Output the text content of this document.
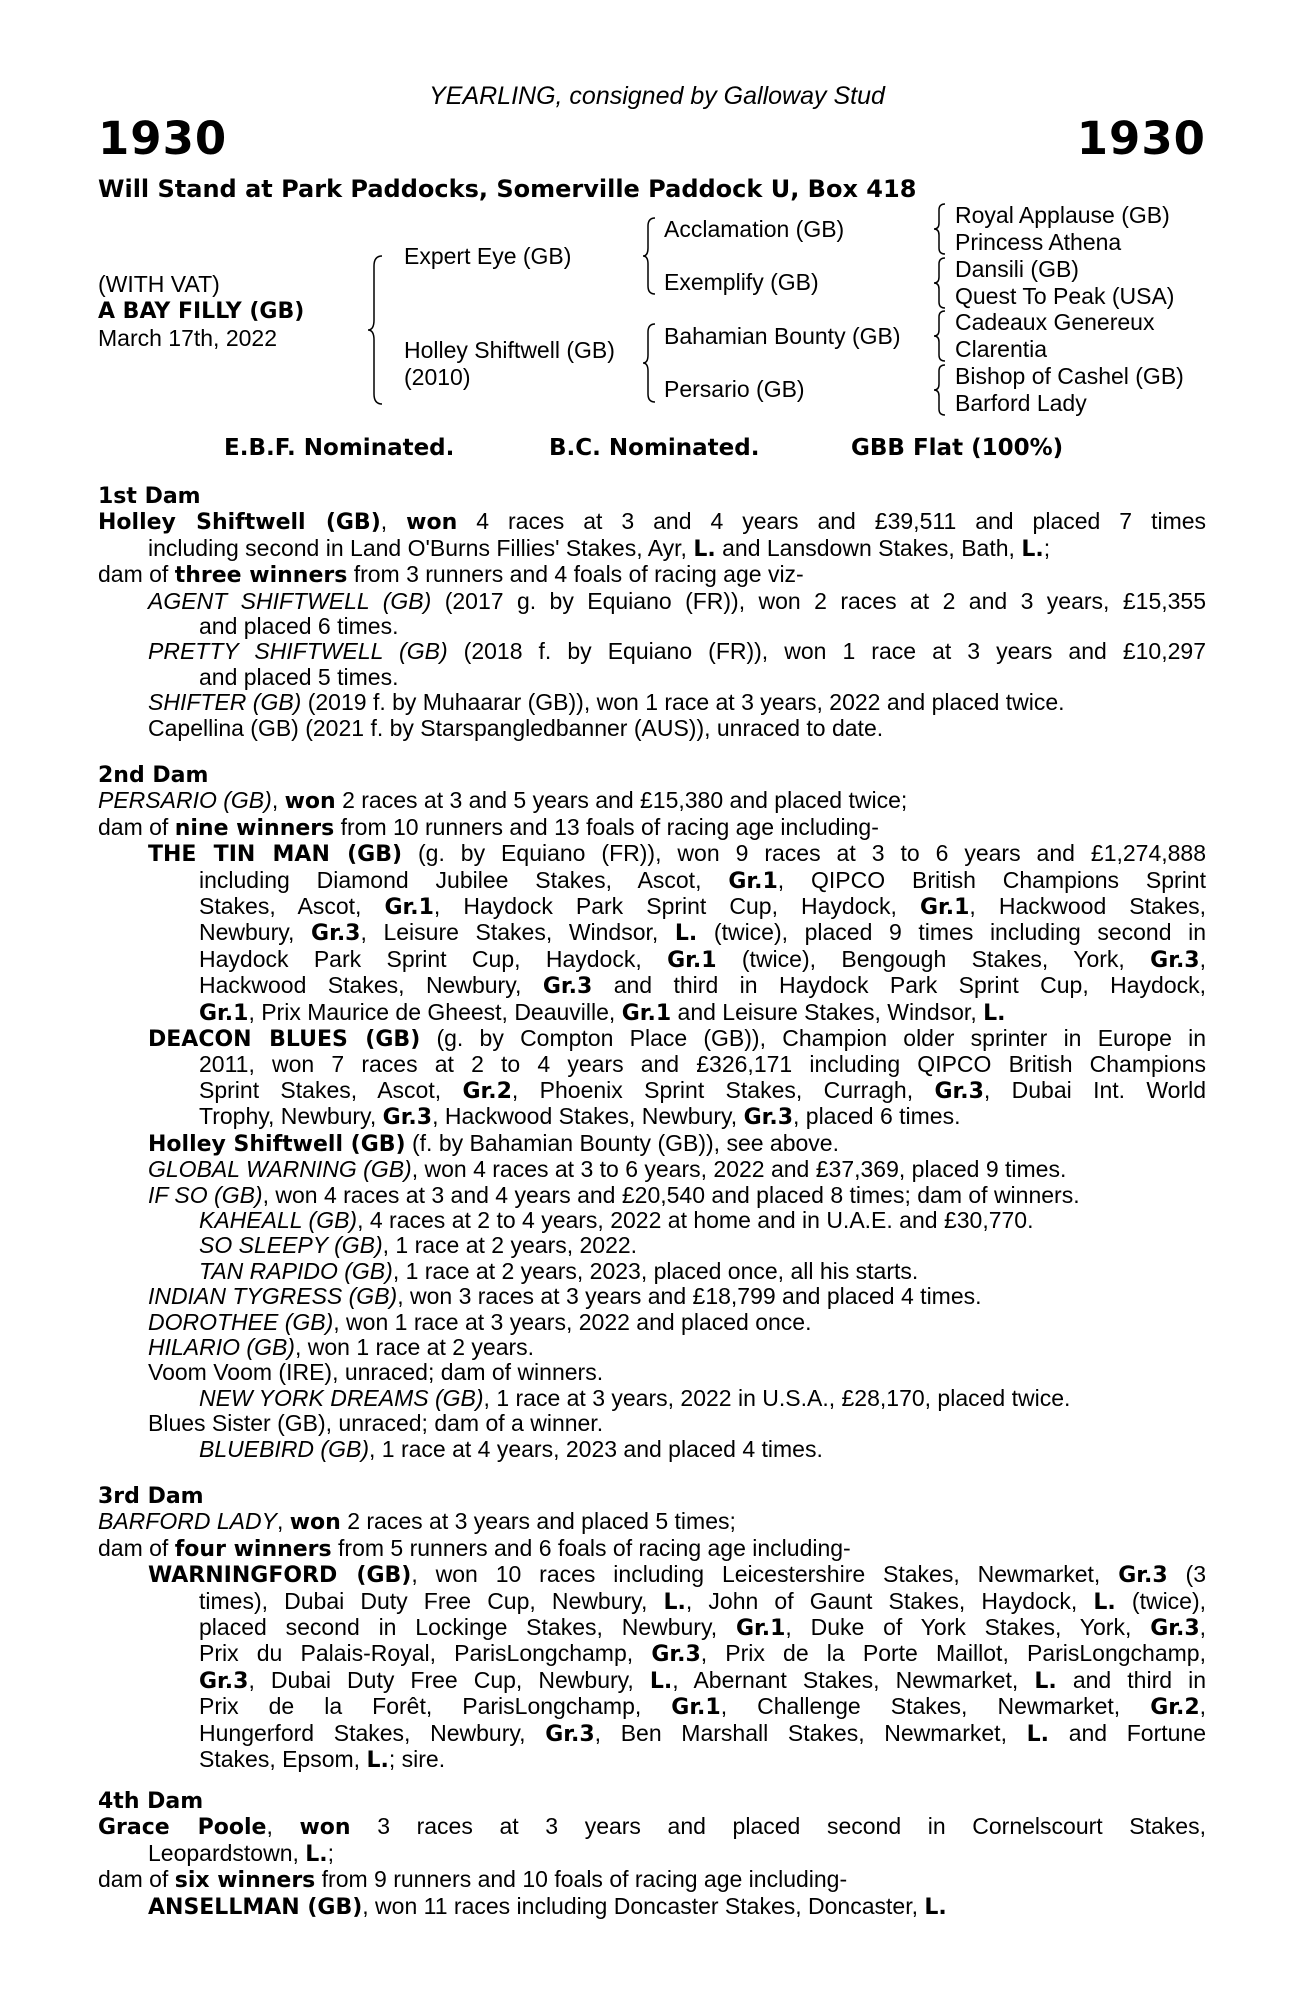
YEARLING, consigned by Galloway Stud
1930	1930
Will Stand at Park Paddocks, Somerville Paddock U, Box 418
(WITH VAT)
A BAY FILLY (GB)
March 17th, 2022
Expert Eye (GB)
Holley Shiftwell (GB)
(2010)
Acclamation (GB)
Exemplify (GB)
Bahamian Bounty (GB)
Persario (GB)
Royal Applause (GB)
Princess Athena
Dansili (GB)
Quest To Peak (USA)
Cadeaux Genereux
Clarentia
Bishop of Cashel (GB)
Barford Lady
E.B.F. Nominated.	B.C. Nominated.	GBB Flat (100%)
1st Dam
Holley Shiftwell (GB), won 4 races at 3 and 4 years and £39,511 and placed 7 times
including second in Land O'Burns Fillies' Stakes, Ayr, L. and Lansdown Stakes, Bath, L.;
dam of three winners from 3 runners and 4 foals of racing age viz-
AGENT SHIFTWELL (GB) (2017 g. by Equiano (FR)), won 2 races at 2 and 3 years, £15,355
and placed 6 times.
PRETTY SHIFTWELL (GB) (2018 f. by Equiano (FR)), won 1 race at 3 years and £10,297
and placed 5 times.
SHIFTER (GB) (2019 f. by Muhaarar (GB)), won 1 race at 3 years, 2022 and placed twice.
Capellina (GB) (2021 f. by Starspangledbanner (AUS)), unraced to date.
2nd Dam
PERSARIO (GB), won 2 races at 3 and 5 years and £15,380 and placed twice;
dam of nine winners from 10 runners and 13 foals of racing age including-
THE TIN MAN (GB) (g. by Equiano (FR)), won 9 races at 3 to 6 years and £1,274,888
including Diamond Jubilee Stakes, Ascot, Gr.1, QIPCO British Champions Sprint
Stakes, Ascot, Gr.1, Haydock Park Sprint Cup, Haydock, Gr.1, Hackwood Stakes,
Newbury, Gr.3, Leisure Stakes, Windsor, L. (twice), placed 9 times including second in
Haydock Park Sprint Cup, Haydock, Gr.1 (twice), Bengough Stakes, York, Gr.3,
Hackwood Stakes, Newbury, Gr.3 and third in Haydock Park Sprint Cup, Haydock,
Gr.1, Prix Maurice de Gheest, Deauville, Gr.1 and Leisure Stakes, Windsor, L.
DEACON BLUES (GB) (g. by Compton Place (GB)), Champion older sprinter in Europe in
2011, won 7 races at 2 to 4 years and £326,171 including QIPCO British Champions
Sprint Stakes, Ascot, Gr.2, Phoenix Sprint Stakes, Curragh, Gr.3, Dubai Int. World
Trophy, Newbury, Gr.3, Hackwood Stakes, Newbury, Gr.3, placed 6 times.
Holley Shiftwell (GB) (f. by Bahamian Bounty (GB)), see above.
GLOBAL WARNING (GB), won 4 races at 3 to 6 years, 2022 and £37,369, placed 9 times.
IF SO (GB), won 4 races at 3 and 4 years and £20,540 and placed 8 times; dam of winners.
KAHEALL (GB), 4 races at 2 to 4 years, 2022 at home and in U.A.E. and £30,770.
SO SLEEPY (GB), 1 race at 2 years, 2022.
TAN RAPIDO (GB), 1 race at 2 years, 2023, placed once, all his starts.
INDIAN TYGRESS (GB), won 3 races at 3 years and £18,799 and placed 4 times.
DOROTHEE (GB), won 1 race at 3 years, 2022 and placed once.
HILARIO (GB), won 1 race at 2 years.
Voom Voom (IRE), unraced; dam of winners.
NEW YORK DREAMS (GB), 1 race at 3 years, 2022 in U.S.A., £28,170, placed twice.
Blues Sister (GB), unraced; dam of a winner.
BLUEBIRD (GB), 1 race at 4 years, 2023 and placed 4 times.
3rd Dam
BARFORD LADY, won 2 races at 3 years and placed 5 times;
dam of four winners from 5 runners and 6 foals of racing age including-
WARNINGFORD (GB), won 10 races including Leicestershire Stakes, Newmarket, Gr.3 (3
times), Dubai Duty Free Cup, Newbury, L., John of Gaunt Stakes, Haydock, L. (twice),
placed second in Lockinge Stakes, Newbury, Gr.1, Duke of York Stakes, York, Gr.3,
Prix du Palais-Royal, ParisLongchamp, Gr.3, Prix de la Porte Maillot, ParisLongchamp,
Gr.3, Dubai Duty Free Cup, Newbury, L., Abernant Stakes, Newmarket, L. and third in
Prix de la Forêt, ParisLongchamp, Gr.1, Challenge Stakes, Newmarket, Gr.2,
Hungerford Stakes, Newbury, Gr.3, Ben Marshall Stakes, Newmarket, L. and Fortune
Stakes, Epsom, L.; sire.
4th Dam
Grace Poole, won 3 races at 3 years and placed second in Cornelscourt Stakes,
Leopardstown, L.;
dam of six winners from 9 runners and 10 foals of racing age including-
ANSELLMAN (GB), won 11 races including Doncaster Stakes, Doncaster, L.
